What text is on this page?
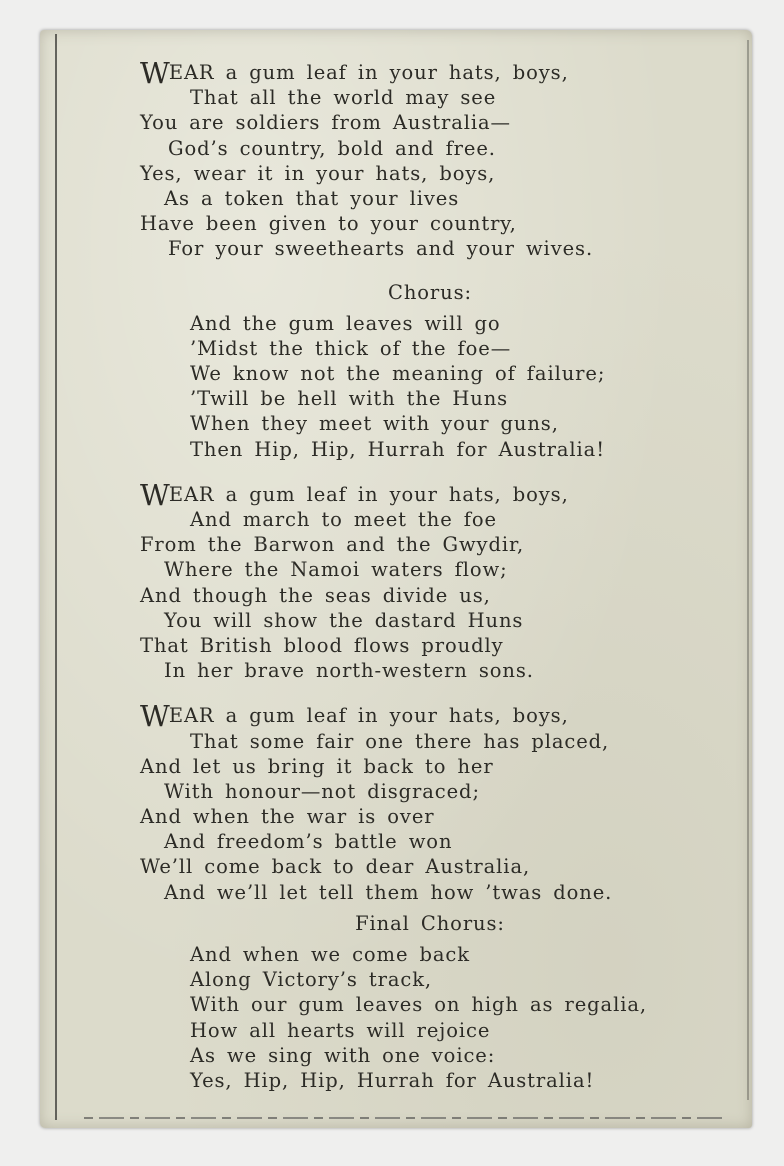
WEAR a gum leaf in your hats, boys,
That all the world may see
You are soldiers from Australia—
God’s country, bold and free.
Yes, wear it in your hats, boys,
As a token that your lives
Have been given to your country,
For your sweethearts and your wives.
Chorus:
And the gum leaves will go
’Midst the thick of the foe—
We know not the meaning of failure;
’Twill be hell with the Huns
When they meet with your guns,
Then Hip, Hip, Hurrah for Australia!
WEAR a gum leaf in your hats, boys,
And march to meet the foe
From the Barwon and the Gwydir,
Where the Namoi waters flow;
And though the seas divide us,
You will show the dastard Huns
That British blood flows proudly
In her brave north-western sons.
WEAR a gum leaf in your hats, boys,
That some fair one there has placed,
And let us bring it back to her
With honour—not disgraced;
And when the war is over
And freedom’s battle won
We’ll come back to dear Australia,
And we’ll let tell them how ’twas done.
Final Chorus:
And when we come back
Along Victory’s track,
With our gum leaves on high as regalia,
How all hearts will rejoice
As we sing with one voice:
Yes, Hip, Hip, Hurrah for Australia!
